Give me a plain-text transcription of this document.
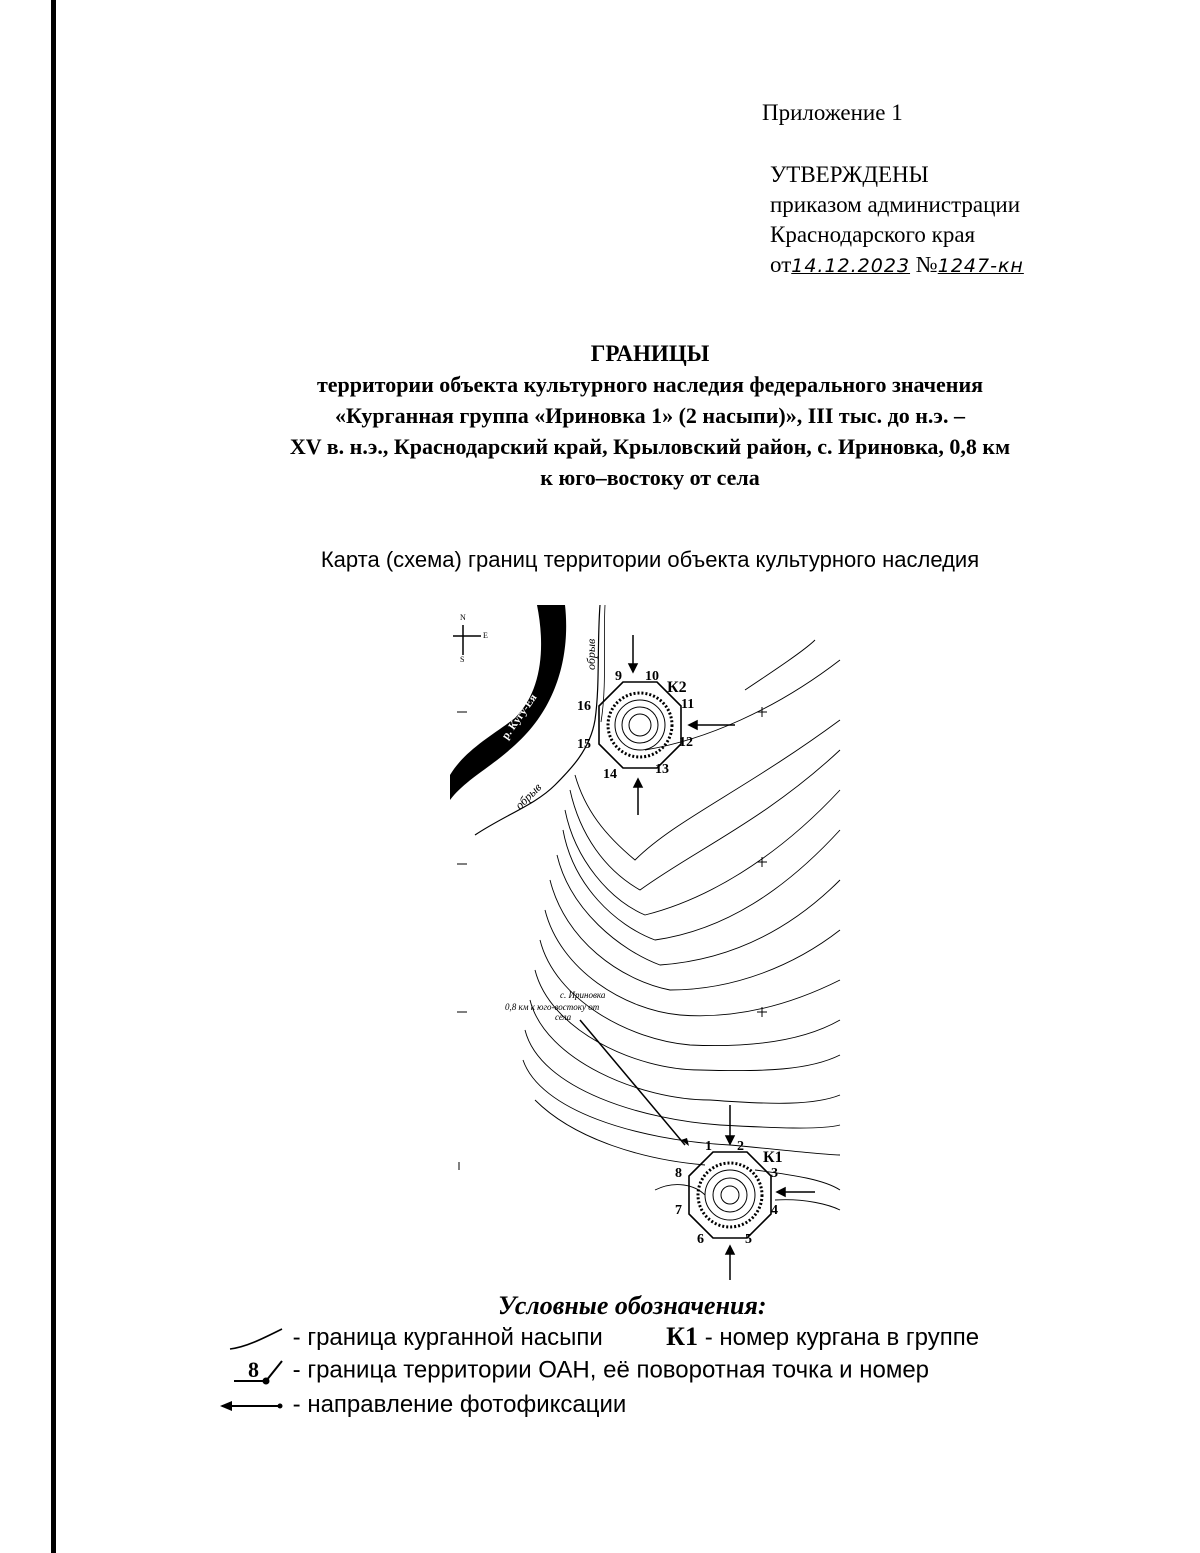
Приложение 1
УТВЕРЖДЕНЫ
приказом администрации
Краснодарского края
от14.12.2023 №1247-кн
ГРАНИЦЫ
территории объекта культурного наследия федерального значения
«Курганная группа «Ириновка 1» (2 насыпи)», III тыс. до н.э. –
XV в. н.э., Краснодарский край, Крыловский район, с. Ириновка, 0,8 км
к юго–востоку от села
Карта (схема) границ территории объекта культурного наследия
N
E
S
р. Кугу-Ея
обрыв
обрыв
9 10
11
12
13
14
15
16
К2
1 2
3
4
5
6
7
8
К1
с. Ириновка
0,8 км к юго-востоку от
села
Условные обозначения:
- граница курганной насыпи К1 - номер кургана в группе
8 - граница территории ОАН, её поворотная точка и номер
- направление фотофиксации
